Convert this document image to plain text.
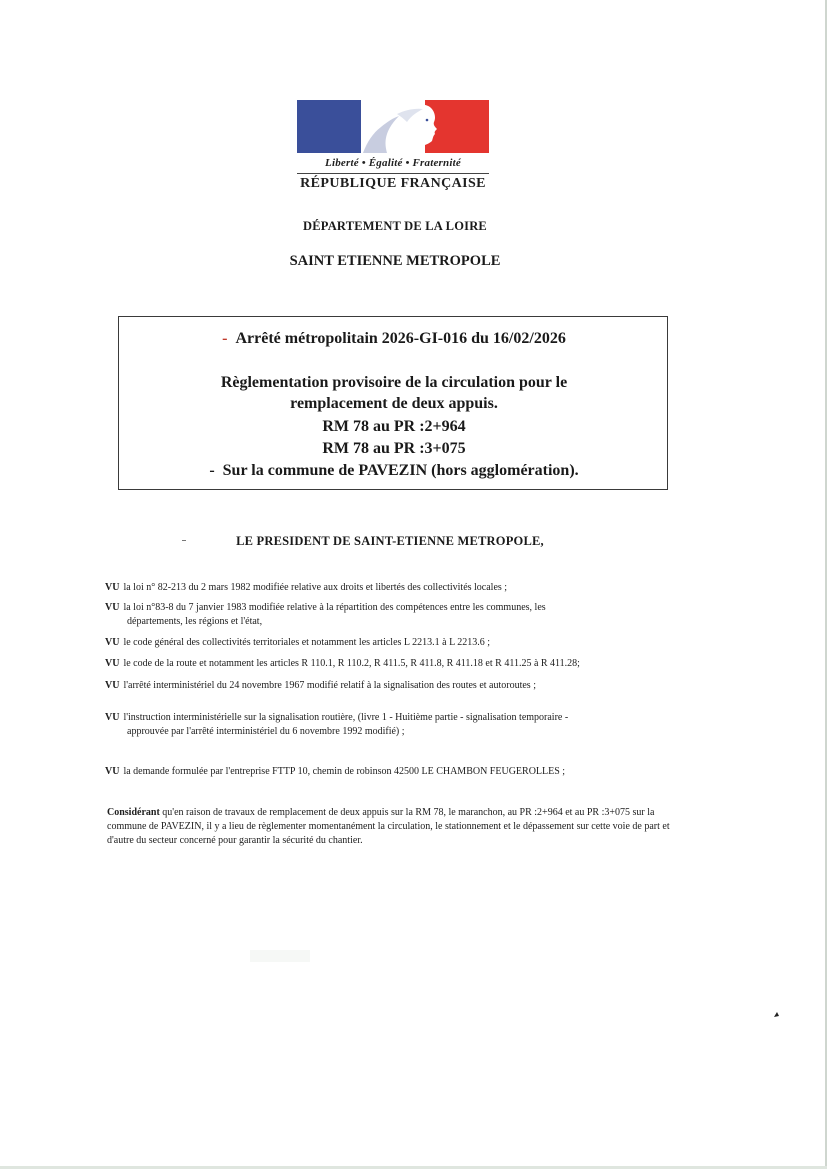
Liberté • Égalité • Fraternité
RÉPUBLIQUE FRANÇAISE
DÉPARTEMENT DE LA LOIRE
SAINT ETIENNE METROPOLE
- Arrêté métropolitain 2026-GI-016 du 16/02/2026
Règlementation provisoire de la circulation pour le
remplacement de deux appuis.
RM 78 au PR :2+964
RM 78 au PR :3+075
- Sur la commune de PAVEZIN (hors agglomération).
LE PRESIDENT DE SAINT-ETIENNE METROPOLE,
VU la loi n° 82-213 du 2 mars 1982 modifiée relative aux droits et libertés des collectivités locales ;
VU la loi n°83-8 du 7 janvier 1983 modifiée relative à la répartition des compétences entre les communes, les
départements, les régions et l'état,
VU le code général des collectivités territoriales et notamment les articles L 2213.1 à L 2213.6 ;
VU le code de la route et notamment les articles R 110.1, R 110.2, R 411.5, R 411.8, R 411.18 et R 411.25 à R 411.28;
VU l'arrêté interministériel du 24 novembre 1967 modifié relatif à la signalisation des routes et autoroutes ;
VU l'instruction interministérielle sur la signalisation routière, (livre 1 - Huitième partie - signalisation temporaire -
approuvée par l'arrêté interministériel du 6 novembre 1992 modifié) ;
VU la demande formulée par l'entreprise FTTP 10, chemin de robinson 42500 LE CHAMBON FEUGEROLLES ;
Considérant qu'en raison de travaux de remplacement de deux appuis sur la RM 78, le maranchon, au PR :2+964 et au PR :3+075 sur la commune de PAVEZIN, il y a lieu de règlementer momentanément la circulation, le stationnement et le dépassement sur cette voie de part et d'autre du secteur concerné pour garantir la sécurité du chantier.
